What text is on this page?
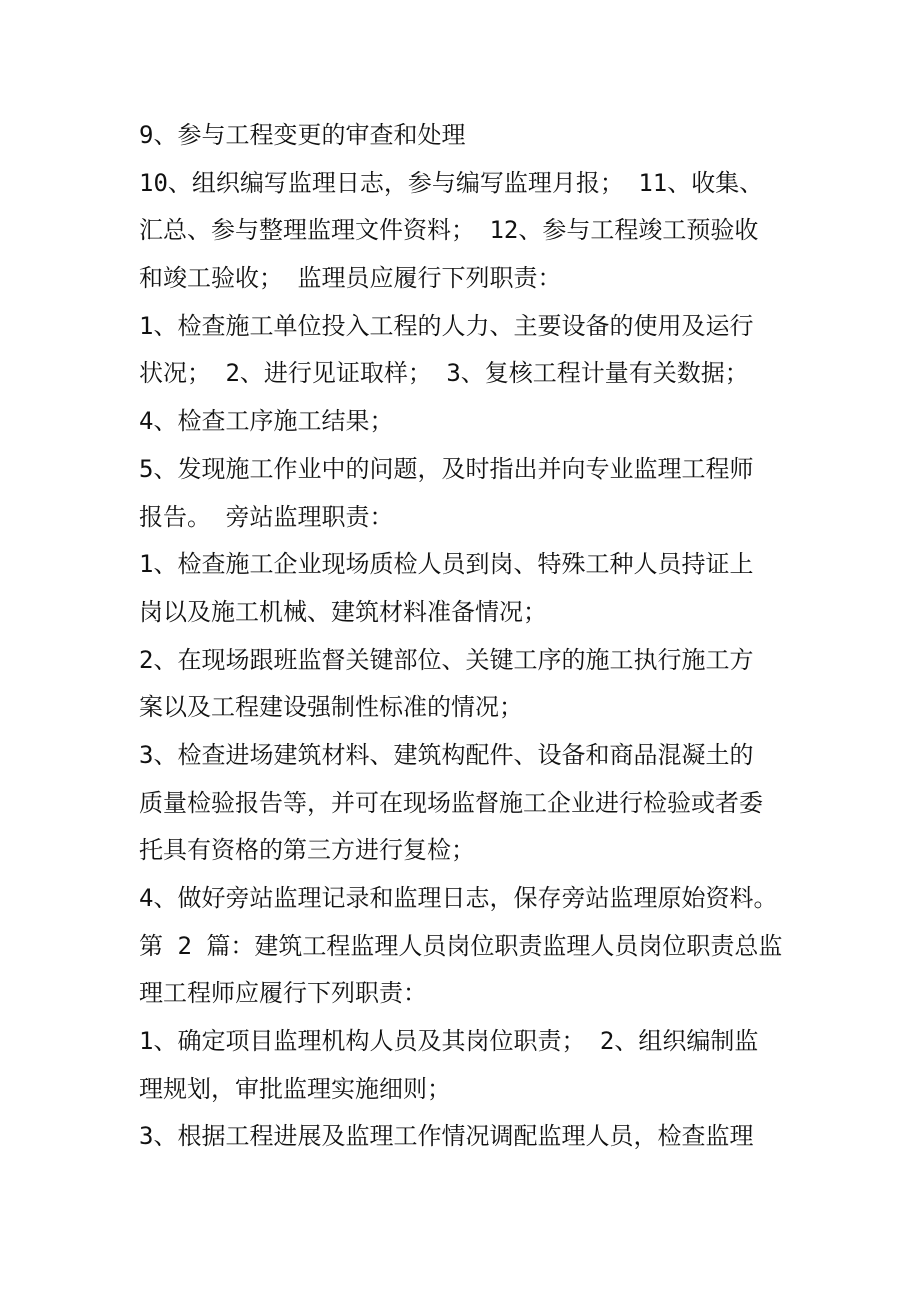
9、参与工程变更的审查和处理
10、组织编写监理日志，参与编写监理月报； 11、收集、
汇总、参与整理监理文件资料； 12、参与工程竣工预验收
和竣工验收； 监理员应履行下列职责：
1、检查施工单位投入工程的人力、主要设备的使用及运行
状况； 2、进行见证取样； 3、复核工程计量有关数据；
4、检查工序施工结果；
5、发现施工作业中的问题，及时指出并向专业监理工程师
报告。 旁站监理职责：
1、检查施工企业现场质检人员到岗、特殊工种人员持证上
岗以及施工机械、建筑材料准备情况；
2、在现场跟班监督关键部位、关键工序的施工执行施工方
案以及工程建设强制性标准的情况；
3、检查进场建筑材料、建筑构配件、设备和商品混凝土的
质量检验报告等，并可在现场监督施工企业进行检验或者委
托具有资格的第三方进行复检；
4、做好旁站监理记录和监理日志，保存旁站监理原始资料。
第 2 篇：建筑工程监理人员岗位职责监理人员岗位职责总监
理工程师应履行下列职责：
1、确定项目监理机构人员及其岗位职责； 2、组织编制监
理规划，审批监理实施细则；
3、根据工程进展及监理工作情况调配监理人员，检查监理
